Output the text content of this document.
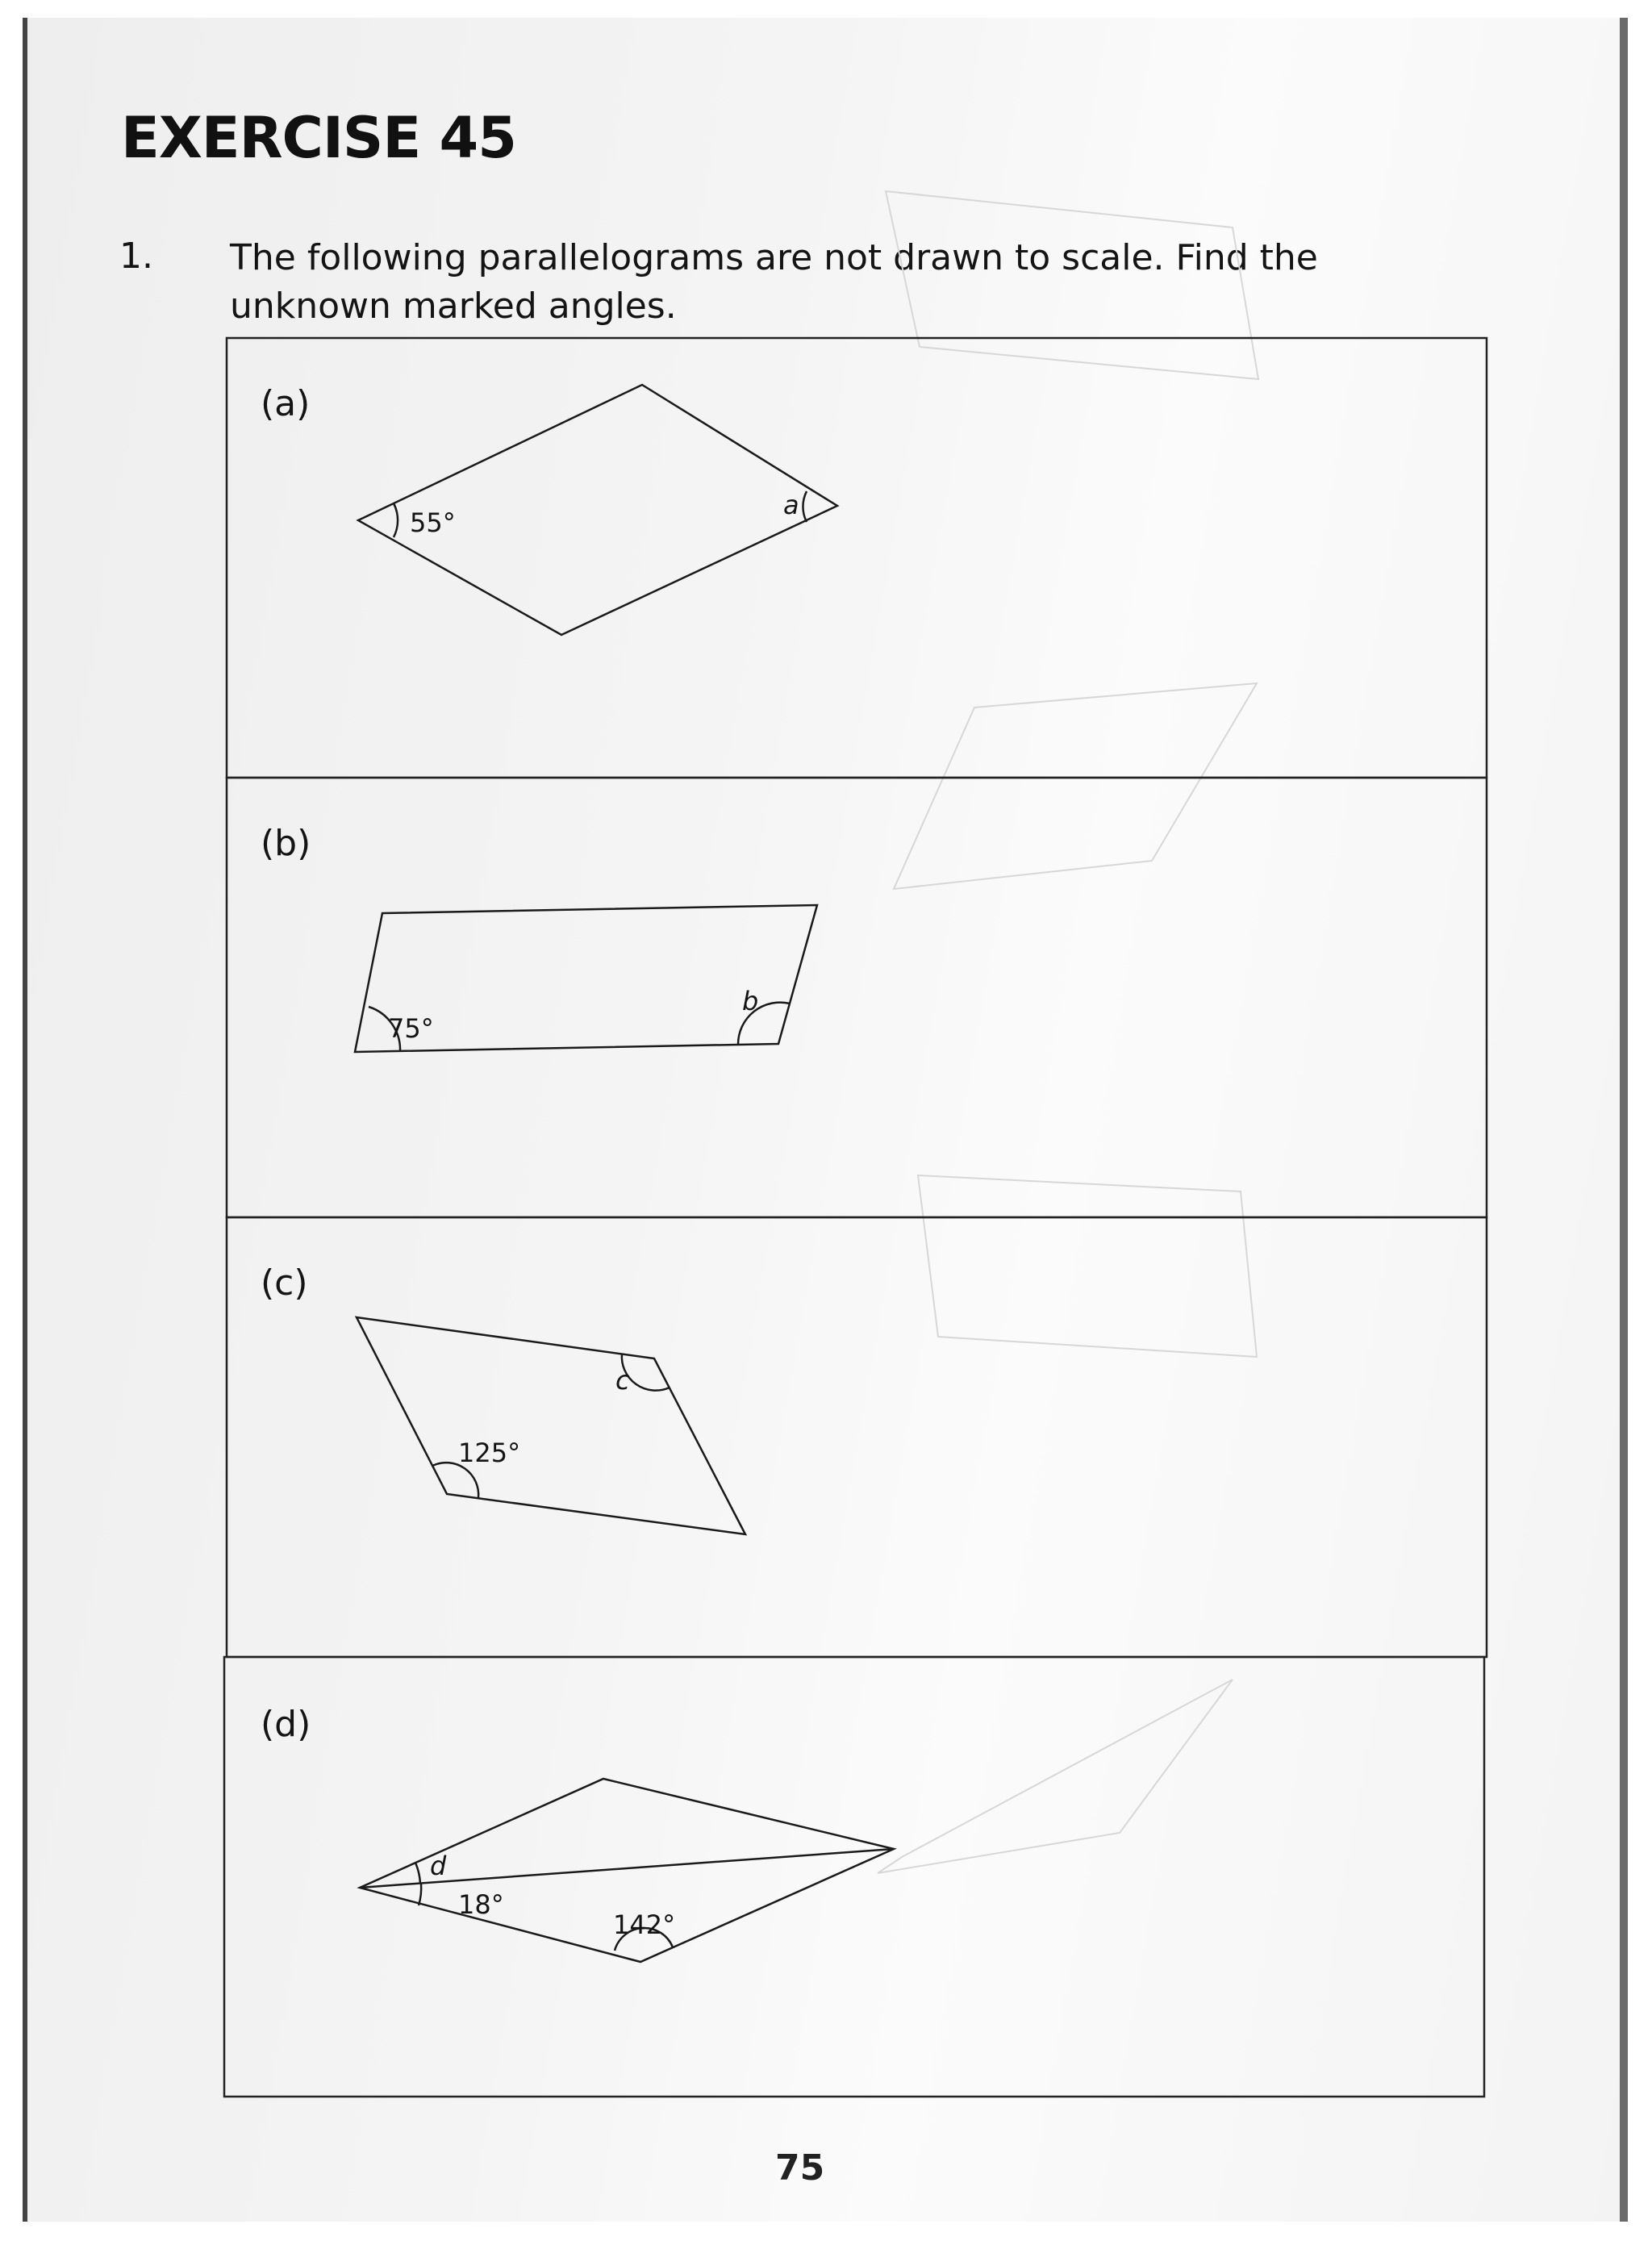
EXERCISE 45
1. The following parallelograms are not drawn to scale. Find the unknown marked angles.

(a)
(b)
(c)
(d)
55°
a
75°
b
125°
c
d
18°
142°
75
